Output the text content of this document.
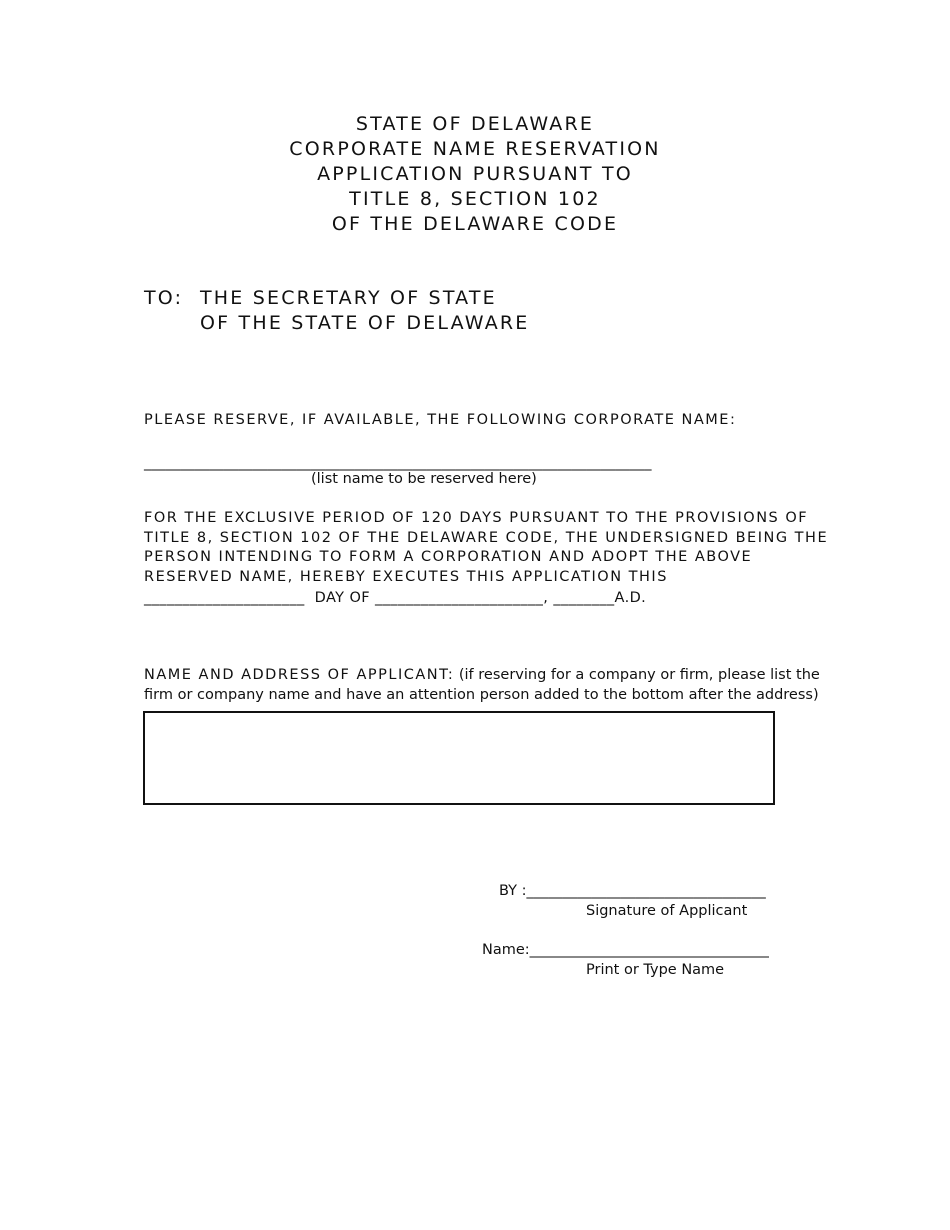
STATE OF DELAWARE
CORPORATE NAME RESERVATION
APPLICATION PURSUANT TO
TITLE 8, SECTION 102
OF THE DELAWARE CODE
TO: THE SECRETARY OF STATE
OF THE STATE OF DELAWARE
PLEASE RESERVE, IF AVAILABLE, THE FOLLOWING CORPORATE NAME:
______________________________________________________________________
(list name to be reserved here)
FOR THE EXCLUSIVE PERIOD OF 120 DAYS PURSUANT TO THE PROVISIONS OF
TITLE 8, SECTION 102 OF THE DELAWARE CODE, THE UNDERSIGNED BEING THE
PERSON INTENDING TO FORM A CORPORATION AND ADOPT THE ABOVE
RESERVED NAME, HEREBY EXECUTES THIS APPLICATION THIS
_____________________  DAY OF ______________________, ________A.D.
NAME AND ADDRESS OF APPLICANT: (if reserving for a company or firm, please list the
firm or company name and have an attention person added to the bottom after the address)
BY :_________________________________
Signature of Applicant
Name:_________________________________
Print or Type Name
